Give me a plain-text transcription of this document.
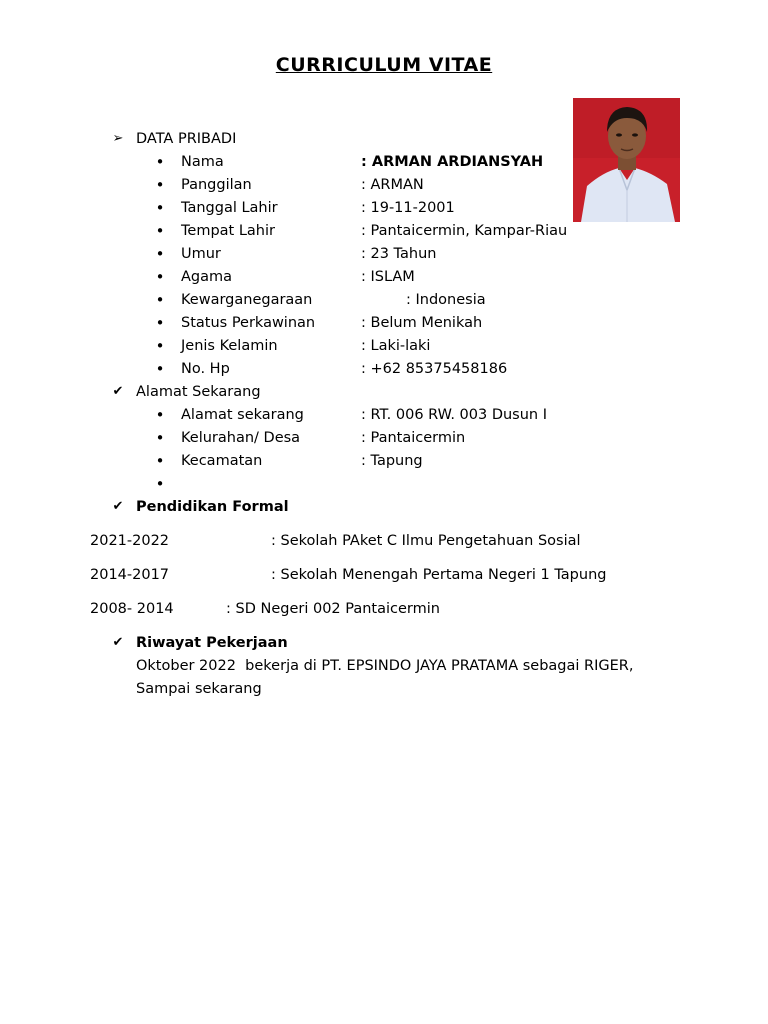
CURRICULUM VITAE
➢ DATA PRIBADI
• Nama	: ARMAN ARDIANSYAH
• Panggilan	: ARMAN
• Tanggal Lahir	: 19-11-2001
• Tempat Lahir	: Pantaicermin, Kampar-Riau
• Umur	: 23 Tahun
• Agama	: ISLAM
• Kewarganegaraan	: Indonesia
• Status Perkawinan	: Belum Menikah
• Jenis Kelamin	: Laki-laki
• No. Hp	: +62 85375458186
✔ Alamat Sekarang
• Alamat sekarang	: RT. 006 RW. 003 Dusun I
• Kelurahan/ Desa	: Pantaicermin
• Kecamatan	: Tapung
•
✔ Pendidikan Formal
2021-2022	: Sekolah PAket C Ilmu Pengetahuan Sosial
2014-2017	: Sekolah Menengah Pertama Negeri 1 Tapung
2008- 2014	: SD Negeri 002 Pantaicermin
✔ Riwayat Pekerjaan
Oktober 2022  bekerja di PT. EPSINDO JAYA PRATAMA sebagai RIGER,
Sampai sekarang
